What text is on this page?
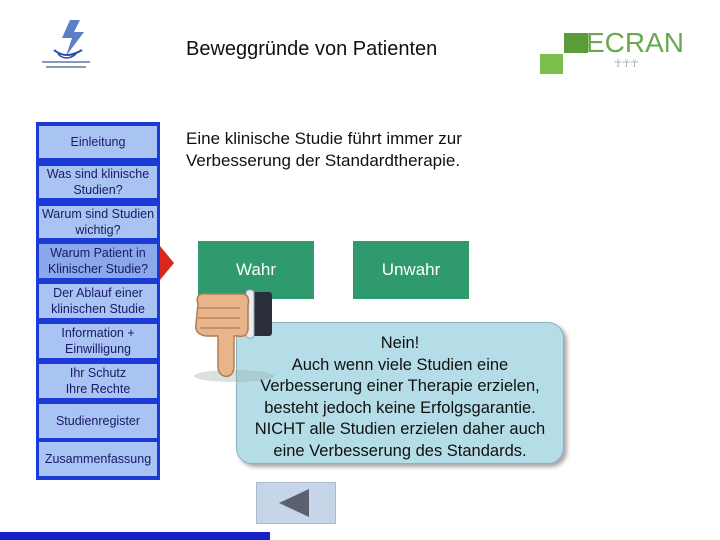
Beweggründe von Patienten	ECRAN
☥☥☥
Einleitung
Was sind klinische Studien?
Warum sind Studien wichtig?
Warum Patient in Klinischer Studie?
Der Ablauf einer klinischen Studie
Information + Einwilligung
Ihr Schutz Ihre Rechte
Studienregister
Zusammenfassung
Eine klinische Studie führt immer zur Verbesserung der Standardtherapie.
Wahr	Unwahr
Nein!
Auch wenn viele Studien eine
Verbesserung einer Therapie erzielen,
besteht jedoch keine Erfolgsgarantie.
NICHT alle Studien erzielen daher auch
eine Verbesserung des Standards.
